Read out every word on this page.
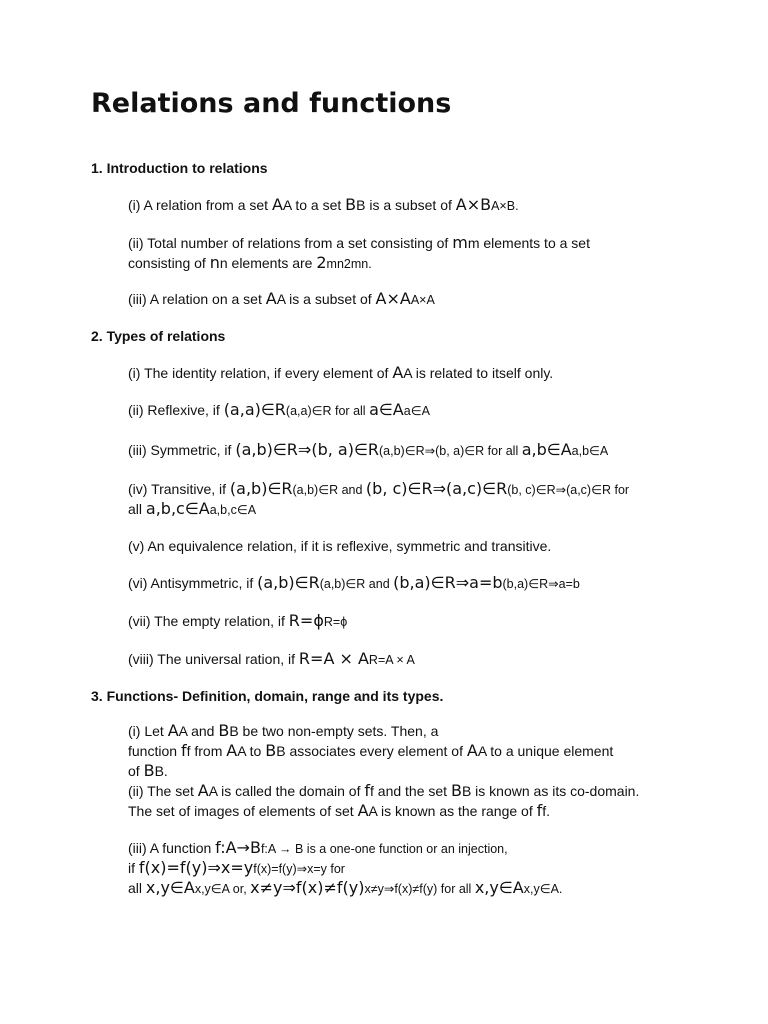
Relations and functions
1. Introduction to relations

(i) A relation from a set AA to a set BB is a subset of A×BA×B.

(ii) Total number of relations from a set consisting of mm elements to a set
consisting of nn elements are 2mn2mn.

(iii) A relation on a set AA is a subset of A×AA×A

2. Types of relations

(i) The identity relation, if every element of AA is related to itself only.

(ii) Reflexive, if (a,a)∈R(a,a)∈R for all a∈Aa∈A

(iii) Symmetric, if (a,b)∈R⇒(b, a)∈R(a,b)∈R⇒(b, a)∈R for all a,b∈Aa,b∈A

(iv) Transitive, if (a,b)∈R(a,b)∈R and (b, c)∈R⇒(a,c)∈R(b, c)∈R⇒(a,c)∈R for
all a,b,c∈Aa,b,c∈A

(v) An equivalence relation, if it is reflexive, symmetric and transitive.

(vi) Antisymmetric, if (a,b)∈R(a,b)∈R and (b,a)∈R⇒a=b(b,a)∈R⇒a=b

(vii) The empty relation, if R=ϕR=ϕ

(viii) The universal ration, if R=A × AR=A × A

3. Functions- Definition, domain, range and its types.

(i) Let AA and BB be two non-empty sets. Then, a
function ff from AA to BB associates every element of AA to a unique element
of BB.
(ii) The set AA is called the domain of ff and the set BB is known as its co-domain.
The set of images of elements of set AA is known as the range of ff.

(iii) A function f:A→Bf:A → B is a one-one function or an injection,
if f(x)=f(y)⇒x=yf(x)=f(y)⇒x=y for
all x,y∈Ax,y∈A or, x≠y⇒f(x)≠f(y)x≠y⇒f(x)≠f(y) for all x,y∈Ax,y∈A.
